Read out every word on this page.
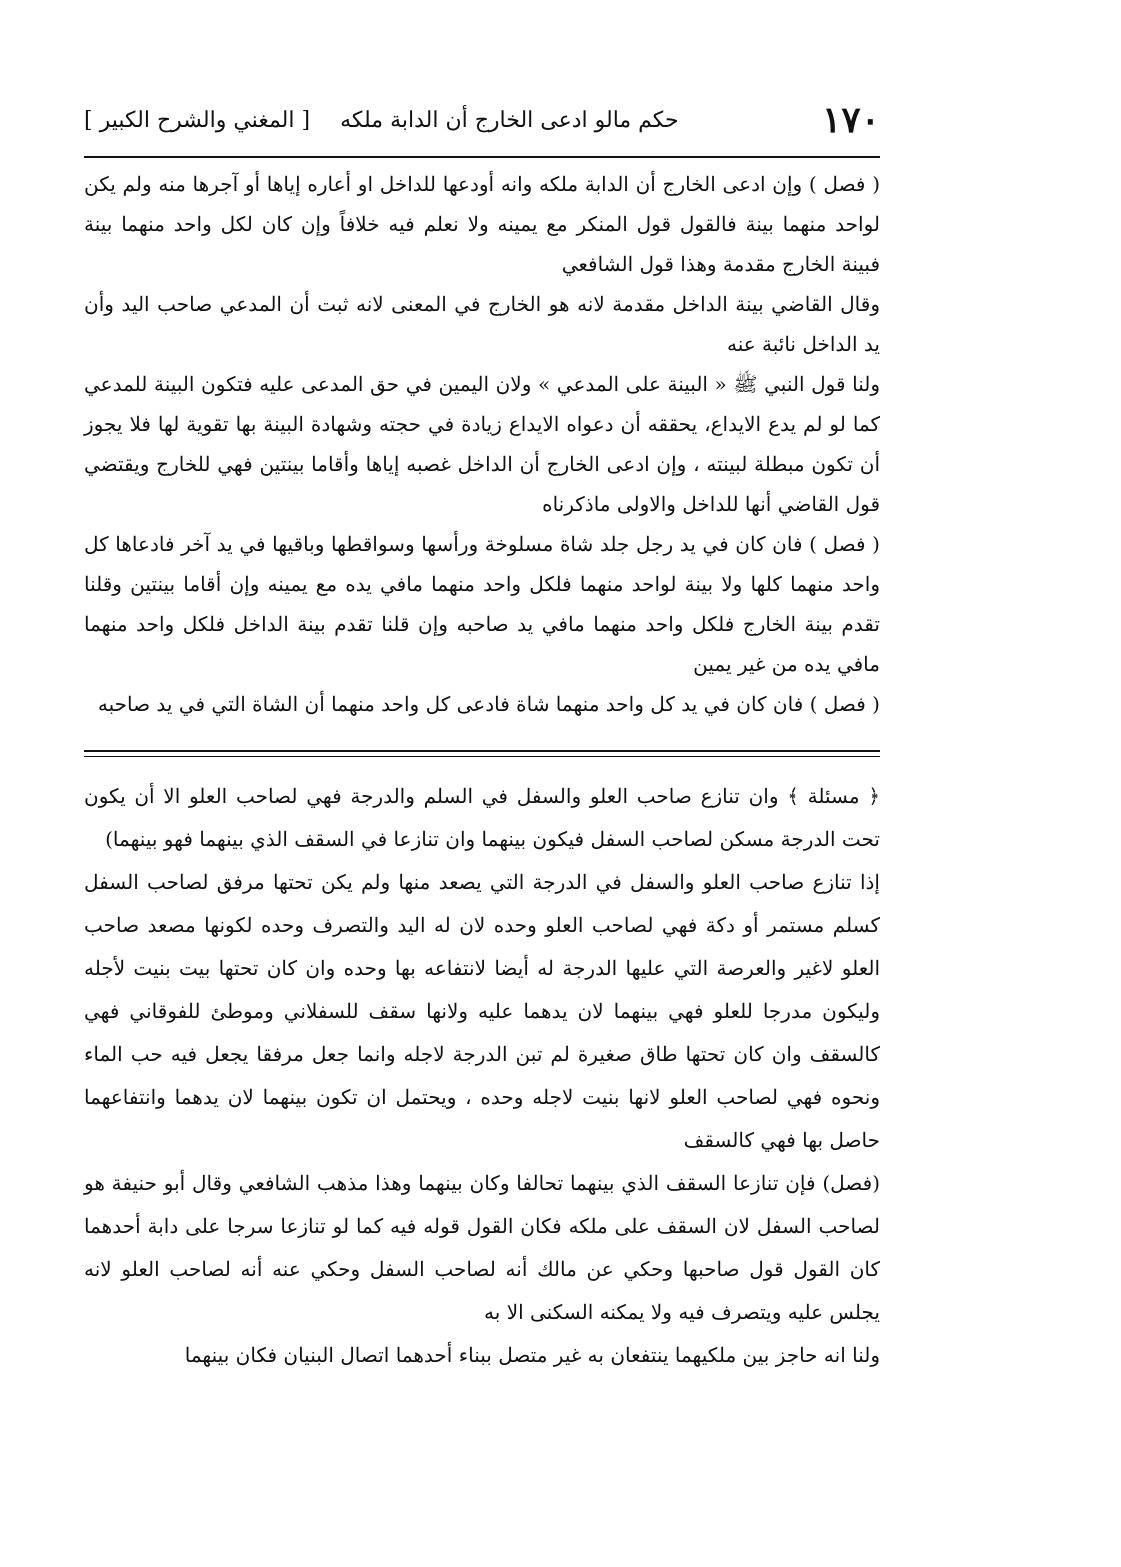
١٧٠
حكم مالو ادعى الخارج أن الدابة ملكه
[ المغني والشرح الكبير ]

( فصل ) وإن ادعى الخارج أن الدابة ملكه وانه أودعها للداخل او أعاره إياها أو آجرها منه ولم يكن لواحد منهما بينة فالقول قول المنكر مع يمينه ولا نعلم فيه خلافاً وإن كان لكل واحد منهما بينة فبينة الخارج مقدمة وهذا قول الشافعي

وقال القاضي بينة الداخل مقدمة لانه هو الخارج في المعنى لانه ثبت أن المدعي صاحب اليد وأن يد الداخل نائبة عنه

ولنا قول النبي ﷺ « البينة على المدعي » ولان اليمين في حق المدعى عليه فتكون البينة للمدعي كما لو لم يدع الايداع، يحققه أن دعواه الايداع زيادة في حجته وشهادة البينة بها تقوية لها فلا يجوز أن تكون مبطلة لبينته ، وإن ادعى الخارج أن الداخل غصبه إياها وأقاما بينتين فهي للخارج ويقتضي قول القاضي أنها للداخل والاولى ماذكرناه

( فصل ) فان كان في يد رجل جلد شاة مسلوخة ورأسها وسواقطها وباقيها في يد آخر فادعاها كل واحد منهما كلها ولا بينة لواحد منهما فلكل واحد منهما مافي يده مع يمينه وإن أقاما بينتين وقلنا تقدم بينة الخارج فلكل واحد منهما مافي يد صاحبه وإن قلنا تقدم بينة الداخل فلكل واحد منهما مافي يده من غير يمين

( فصل ) فان كان في يد كل واحد منهما شاة فادعى كل واحد منهما أن الشاة التي في يد صاحبه

﴿ مسئلة ﴾ وان تنازع صاحب العلو والسفل في السلم والدرجة فهي لصاحب العلو الا أن يكون تحت الدرجة مسكن لصاحب السفل فيكون بينهما وان تنازعا في السقف الذي بينهما فهو بينهما)

إذا تنازع صاحب العلو والسفل في الدرجة التي يصعد منها ولم يكن تحتها مرفق لصاحب السفل كسلم مستمر أو دكة فهي لصاحب العلو وحده لان له اليد والتصرف وحده لكونها مصعد صاحب العلو لاغير والعرصة التي عليها الدرجة له أيضا لانتفاعه بها وحده وان كان تحتها بيت بنيت لأجله وليكون مدرجا للعلو فهي بينهما لان يدهما عليه ولانها سقف للسفلاني وموطئ للفوقاني فهي كالسقف وان كان تحتها طاق صغيرة لم تبن الدرجة لاجله وانما جعل مرفقا يجعل فيه حب الماء ونحوه فهي لصاحب العلو لانها بنيت لاجله وحده ، ويحتمل ان تكون بينهما لان يدهما وانتفاعهما حاصل بها فهي كالسقف

(فصل) فإن تنازعا السقف الذي بينهما تحالفا وكان بينهما وهذا مذهب الشافعي وقال أبو حنيفة هو لصاحب السفل لان السقف على ملكه فكان القول قوله فيه كما لو تنازعا سرجا على دابة أحدهما كان القول قول صاحبها وحكي عن مالك أنه لصاحب السفل وحكي عنه أنه لصاحب العلو لانه يجلس عليه ويتصرف فيه ولا يمكنه السكنى الا به

ولنا انه حاجز بين ملكيهما ينتفعان به غير متصل ببناء أحدهما اتصال البنيان فكان بينهما
